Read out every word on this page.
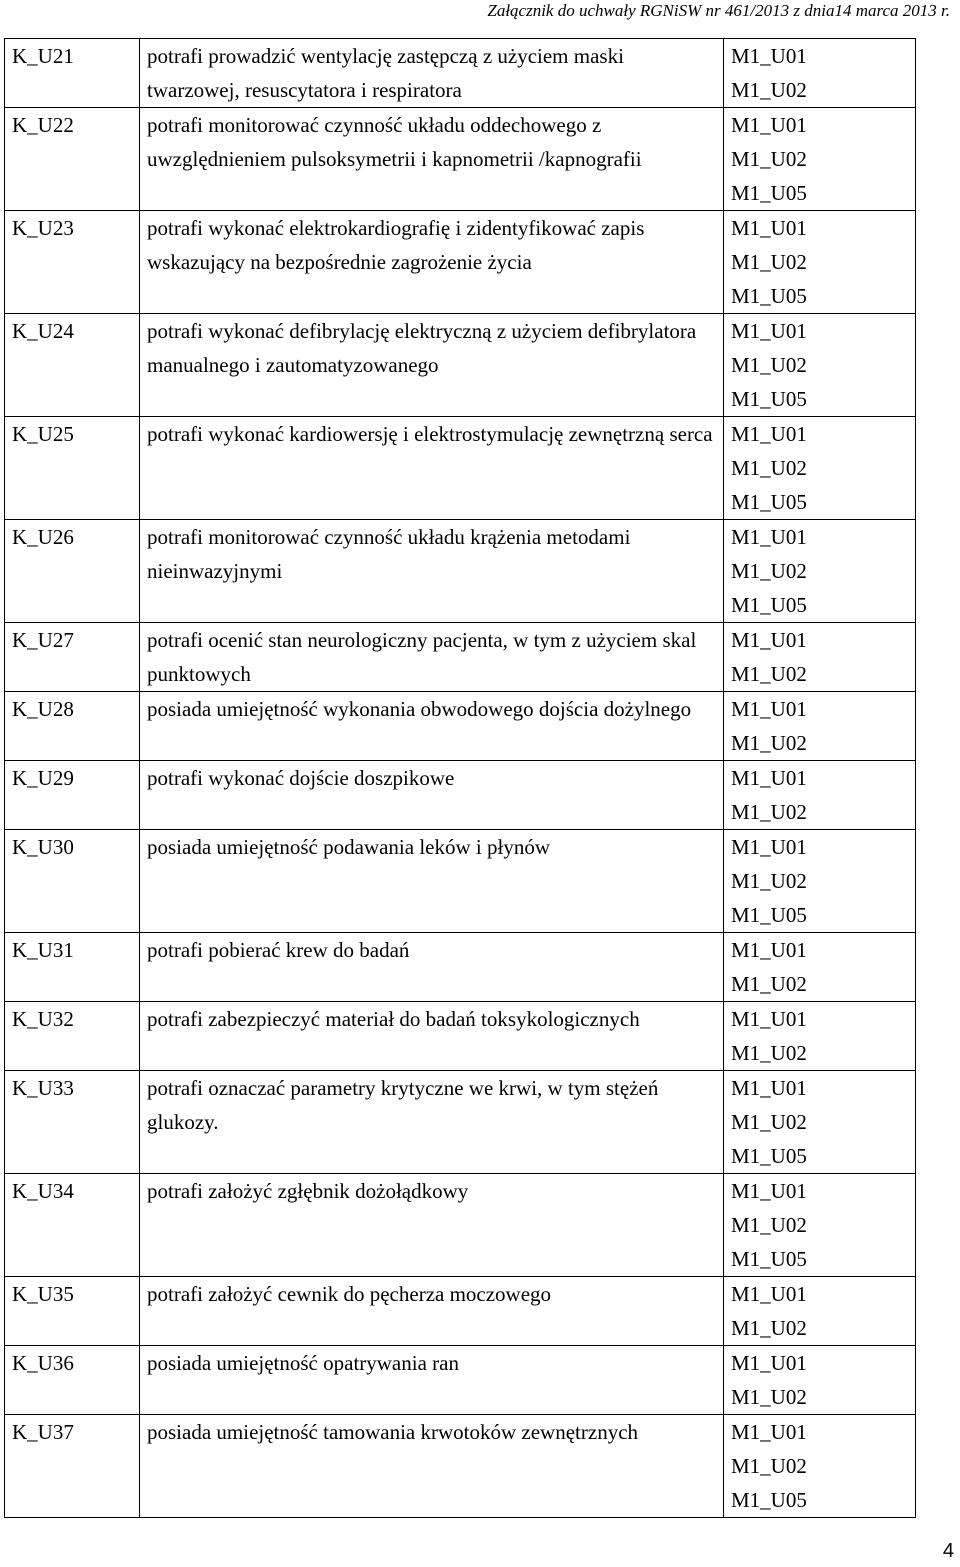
Załącznik do uchwały RGNiSW nr 461/2013 z dnia14 marca 2013 r.
K_U21	potrafi prowadzić wentylację zastępczą z użyciem maski twarzowej, resuscytatora i respiratora	M1_U01
M1_U02

K_U22	potrafi monitorować czynność układu oddechowego z uwzględnieniem pulsoksymetrii i kapnometrii /kapnografii	M1_U01
M1_U02
M1_U05

K_U23	potrafi wykonać elektrokardiografię i zidentyfikować zapis wskazujący na bezpośrednie zagrożenie życia	M1_U01
M1_U02
M1_U05

K_U24	potrafi wykonać defibrylację elektryczną z użyciem defibrylatora manualnego i zautomatyzowanego	M1_U01
M1_U02
M1_U05

K_U25	potrafi wykonać kardiowersję i elektrostymulację zewnętrzną serca	M1_U01
M1_U02
M1_U05

K_U26	potrafi monitorować czynność układu krążenia metodami nieinwazyjnymi	M1_U01
M1_U02
M1_U05

K_U27	potrafi ocenić stan neurologiczny pacjenta, w tym z użyciem skal punktowych	M1_U01
M1_U02

K_U28	posiada umiejętność wykonania obwodowego dojścia dożylnego	M1_U01
M1_U02

K_U29	potrafi wykonać dojście doszpikowe	M1_U01
M1_U02

K_U30	posiada umiejętność podawania leków i płynów	M1_U01
M1_U02
M1_U05

K_U31	potrafi pobierać krew do badań	M1_U01
M1_U02

K_U32	potrafi zabezpieczyć materiał do badań toksykologicznych	M1_U01
M1_U02

K_U33	potrafi oznaczać parametry krytyczne we krwi, w tym stężeń glukozy.	M1_U01
M1_U02
M1_U05

K_U34	potrafi założyć zgłębnik dożołądkowy	M1_U01
M1_U02
M1_U05

K_U35	potrafi założyć cewnik do pęcherza moczowego	M1_U01
M1_U02

K_U36	posiada umiejętność opatrywania ran	M1_U01
M1_U02

K_U37	posiada umiejętność tamowania krwotoków zewnętrznych	M1_U01
M1_U02
M1_U05
4
